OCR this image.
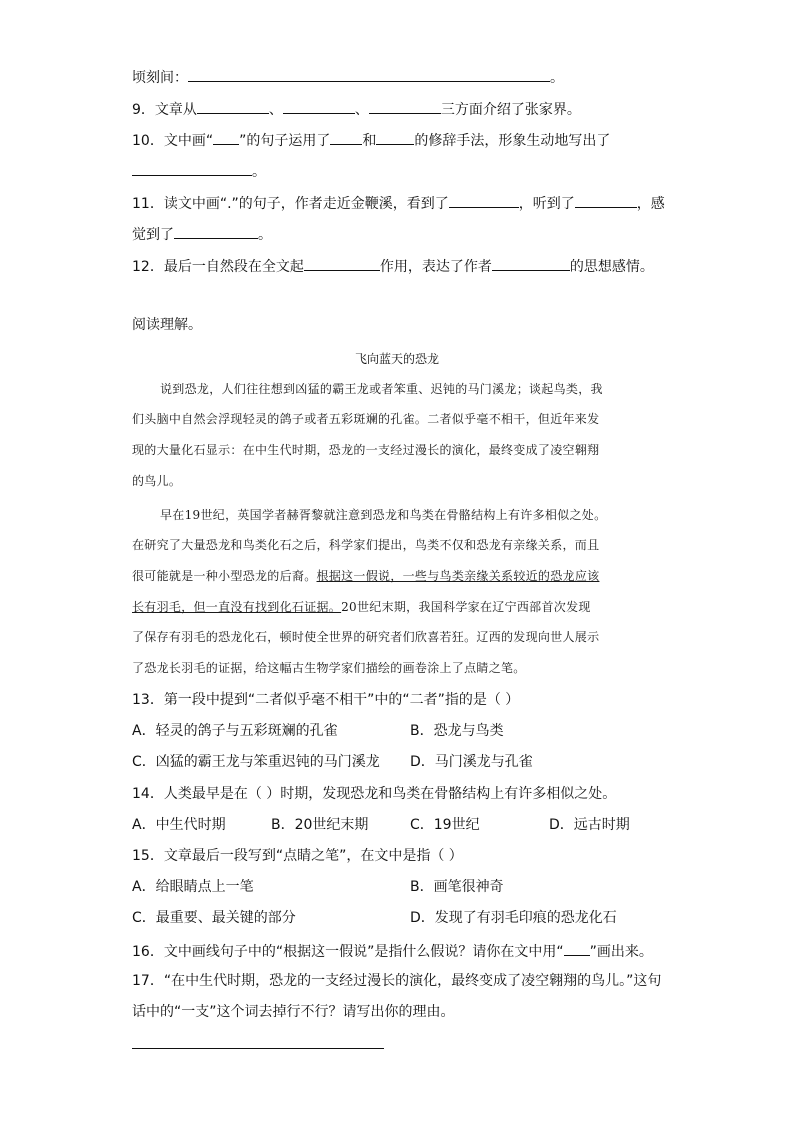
顷刻间：	。
9．文章从	、	、	三方面介绍了张家界。
10．文中画“ ”的句子运用了 和	的修辞手法，形象生动地写出了
。
11．读文中画“.”的句子，作者走近金鞭溪，看到了	，听到了	，感
觉到了	。
12．最后一自然段在全文起	作用，表达了作者	的思想感情。
阅读理解。
飞向蓝天的恐龙
说到恐龙，人们往往想到凶猛的霸王龙或者笨重、迟钝的马门溪龙；谈起鸟类，我
们头脑中自然会浮现轻灵的鸽子或者五彩斑斓的孔雀。二者似乎毫不相干，但近年来发
现的大量化石显示：在中生代时期，恐龙的一支经过漫长的演化，最终变成了凌空翱翔
的鸟儿。
早在19世纪，英国学者赫胥黎就注意到恐龙和鸟类在骨骼结构上有许多相似之处。
在研究了大量恐龙和鸟类化石之后，科学家们提出，鸟类不仅和恐龙有亲缘关系，而且
很可能就是一种小型恐龙的后裔。根据这一假说，一些与鸟类亲缘关系较近的恐龙应该
长有羽毛，但一直没有找到化石证据。20世纪末期，我国科学家在辽宁西部首次发现
了保存有羽毛的恐龙化石，顿时使全世界的研究者们欣喜若狂。辽西的发现向世人展示
了恐龙长羽毛的证据，给这幅古生物学家们描绘的画卷涂上了点睛之笔。
13．第一段中提到“二者似乎毫不相干”中的“二者”指的是（ ）
A．轻灵的鸽子与五彩斑斓的孔雀	B．恐龙与鸟类
C．凶猛的霸王龙与笨重迟钝的马门溪龙 D．马门溪龙与孔雀
14．人类最早是在（ ）时期，发现恐龙和鸟类在骨骼结构上有许多相似之处。
A．中生代时期	B．20世纪末期	C．19世纪	D．远古时期
15．文章最后一段写到“点睛之笔”，在文中是指（ ）
A．给眼睛点上一笔	B．画笔很神奇
C．最重要、最关键的部分	D．发现了有羽毛印痕的恐龙化石
16．文中画线句子中的“根据这一假说”是指什么假说？请你在文中用“ ”画出来。
17．“在中生代时期，恐龙的一支经过漫长的演化，最终变成了凌空翱翔的鸟儿。”这句
话中的“一支”这个词去掉行不行？请写出你的理由。
